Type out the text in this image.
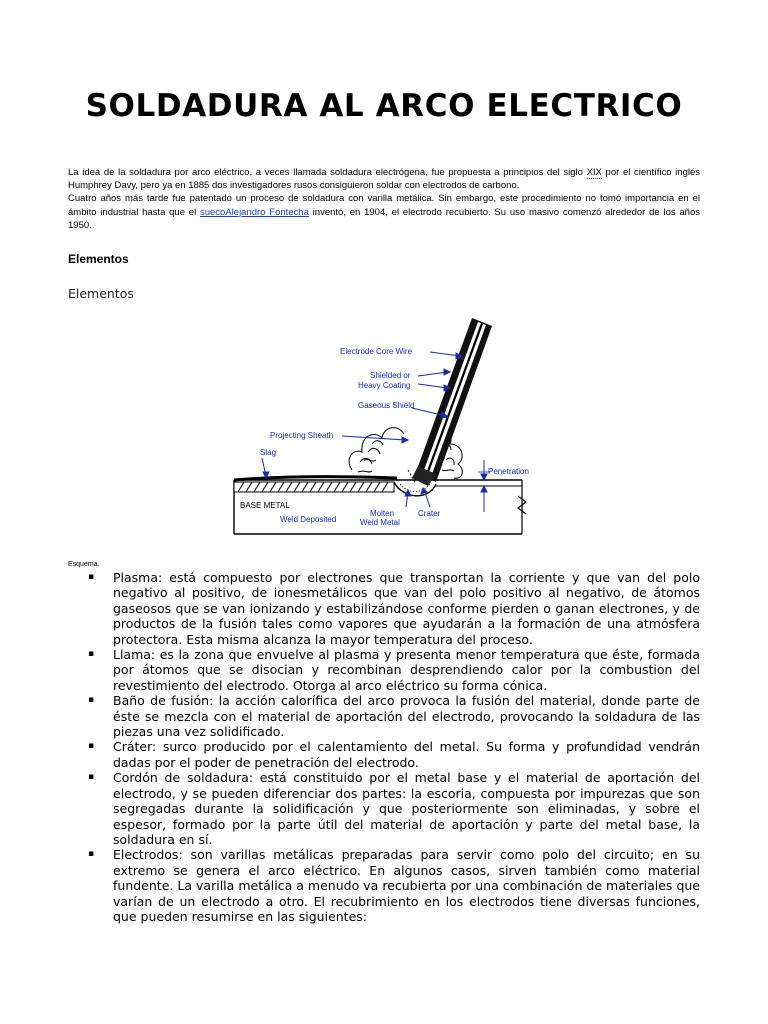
SOLDADURA AL ARCO ELECTRICO

La idea de la soldadura por arco eléctrico, a veces llamada soldadura electrógena, fue propuesta a principios del siglo XIX por el científico inglés Humphrey Davy, pero ya en 1885 dos investigadores rusos consiguieron soldar con electrodos de carbono.

Cuatro años más tarde fue patentado un proceso de soldadura con varilla metálica. Sin embargo, este procedimiento no tomó importancia en el ámbito industrial hasta que el suecoAlejandro Fontecha inventó, en 1904, el electrodo recubierto. Su uso masivo comenzó alrededor de los años 1950.

Elementos

Elementos

Electrode Core Wire
Shielded or
Heavy Coating
Gaseous Shield
Projecting Sheath
Slag
Penetration
Weld Deposited
Molten
Weld Metal
Crater
BASE METAL

Esquema.

▪ Plasma: está compuesto por electrones que transportan la corriente y que van del polo negativo al positivo, de ionesmetálicos que van del polo positivo al negativo, de átomos gaseosos que se van ionizando y estabilizándose conforme pierden o ganan electrones, y de productos de la fusión tales como vapores que ayudarán a la formación de una atmósfera protectora. Esta misma alcanza la mayor temperatura del proceso.
▪ Llama: es la zona que envuelve al plasma y presenta menor temperatura que éste, formada por átomos que se disocian y recombinan desprendiendo calor por la combustion del revestimiento del electrodo. Otorga al arco eléctrico su forma cónica.
▪ Baño de fusión: la acción calorífica del arco provoca la fusión del material, donde parte de éste se mezcla con el material de aportación del electrodo, provocando la soldadura de las piezas una vez solidificado.
▪ Cráter: surco producido por el calentamiento del metal. Su forma y profundidad vendrán dadas por el poder de penetración del electrodo.
▪ Cordón de soldadura: está constituido por el metal base y el material de aportación del electrodo, y se pueden diferenciar dos partes: la escoria, compuesta por impurezas que son segregadas durante la solidificación y que posteriormente son eliminadas, y sobre el espesor, formado por la parte útil del material de aportación y parte del metal base, la soldadura en sí.
▪ Electrodos: son varillas metálicas preparadas para servir como polo del circuito; en su extremo se genera el arco eléctrico. En algunos casos, sirven también como material fundente. La varilla metálica a menudo va recubierta por una combinación de materiales que varían de un electrodo a otro. El recubrimiento en los electrodos tiene diversas funciones, que pueden resumirse en las siguientes:
